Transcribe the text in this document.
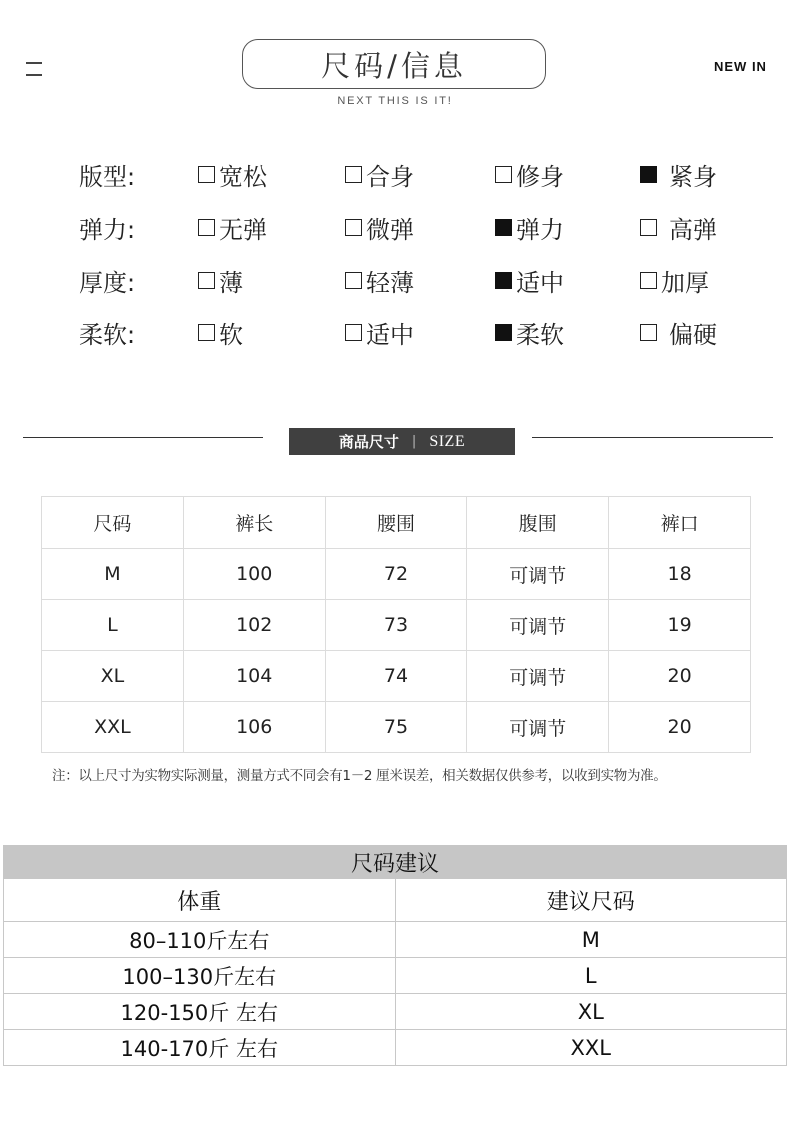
尺码/信息
NEXT THIS IS IT!
NEW IN
版型:	宽松	合身	修身	紧身
弹力:	无弹	微弹	弹力	高弹
厚度:	薄	轻薄	适中	加厚
柔软:	软	适中	柔软	偏硬
商品尺寸 | SIZE
尺码	裤长	腰围	腹围	裤口
M	100	72	可调节	18
L	102	73	可调节	19
XL	104	74	可调节	20
XXL	106	75	可调节	20
注：以上尺寸为实物实际测量，测量方式不同会有1－2 厘米误差，相关数据仅供参考，以收到实物为准。
尺码建议	
体重	建议尺码
80–110斤左右	M
100–130斤左右	L
120-150斤 左右	XL
140-170斤 左右	XXL
